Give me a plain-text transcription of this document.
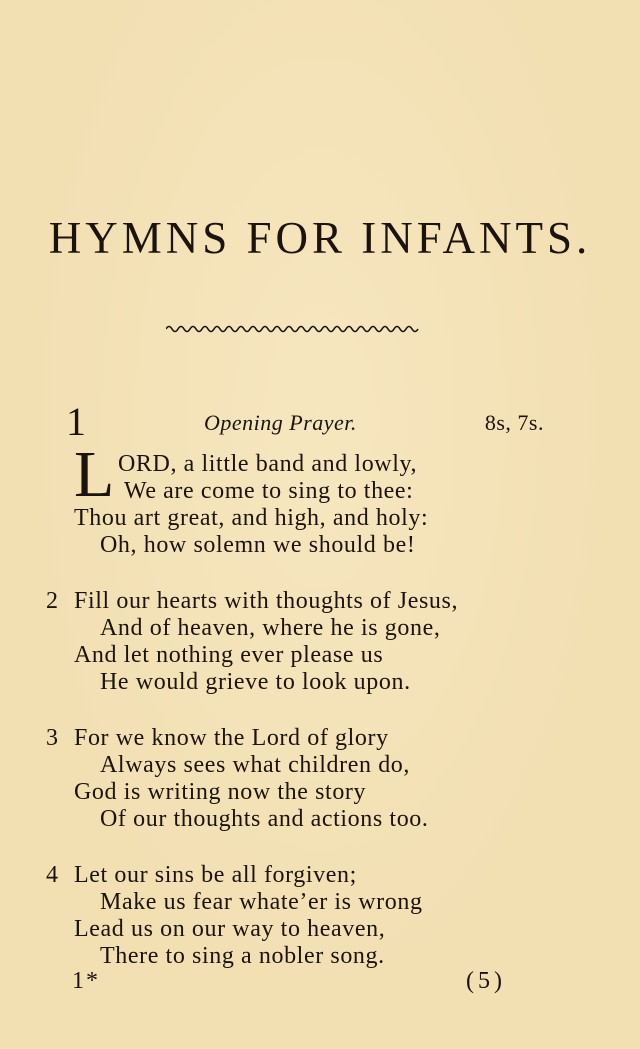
HYMNS FOR INFANTS.
1	Opening Prayer.	8s, 7s.
L ORD, a little band and lowly,
We are come to sing to thee:
Thou art great, and high, and holy:
Oh, how solemn we should be!
2 Fill our hearts with thoughts of Jesus,
And of heaven, where he is gone,
And let nothing ever please us
He would grieve to look upon.
3 For we know the Lord of glory
Always sees what children do,
God is writing now the story
Of our thoughts and actions too.
4 Let our sins be all forgiven;
Make us fear whate’er is wrong
Lead us on our way to heaven,
There to sing a nobler song.
1*	(5)
